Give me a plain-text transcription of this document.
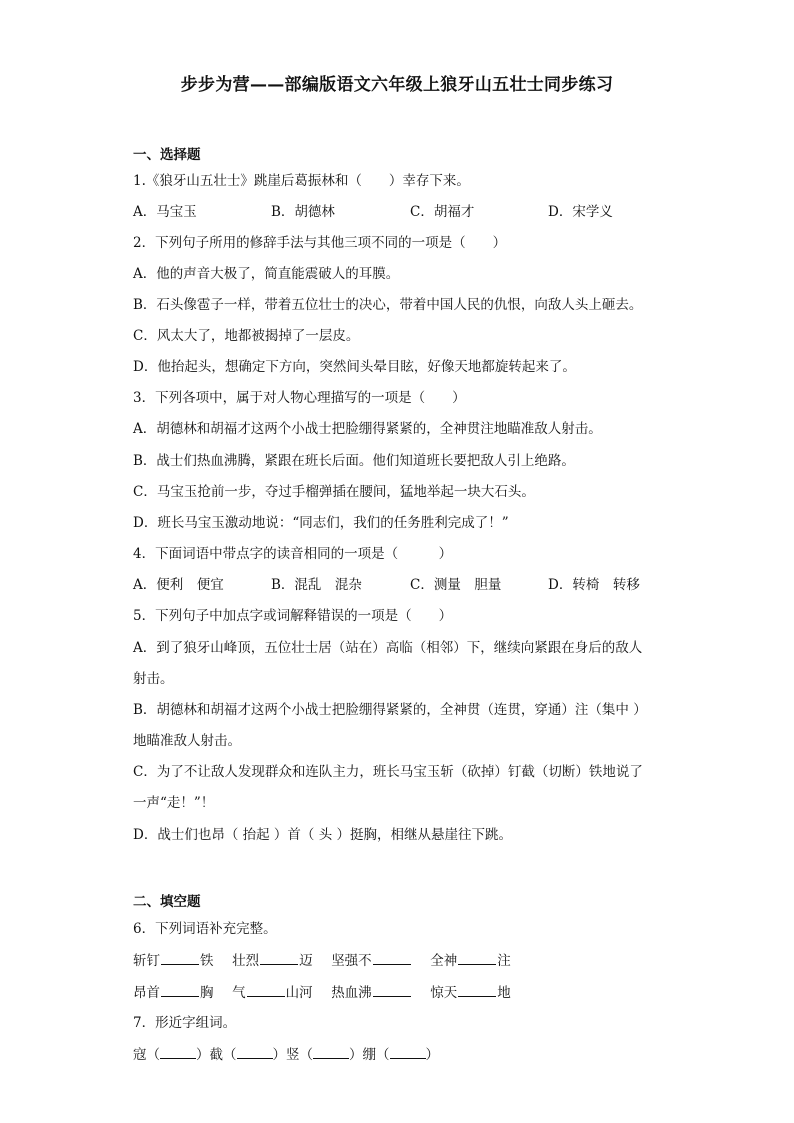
步步为营——部编版语文六年级上狼牙山五壮士同步练习
一、选择题
1.《狼牙山五壮士》跳崖后葛振林和（　　）幸存下来。
A．马宝玉	B．胡德林	C．胡福才	D．宋学义
2．下列句子所用的修辞手法与其他三项不同的一项是（　　）
A．他的声音大极了，简直能震破人的耳膜。
B．石头像雹子一样，带着五位壮士的决心，带着中国人民的仇恨，向敌人头上砸去。
C．风太大了，地都被揭掉了一层皮。
D．他抬起头，想确定下方向，突然间头晕目眩，好像天地都旋转起来了。
3．下列各项中，属于对人物心理描写的一项是（　　）
A．胡德林和胡福才这两个小战士把脸绷得紧紧的，全神贯注地瞄准敌人射击。
B．战士们热血沸腾，紧跟在班长后面。他们知道班长要把敌人引上绝路。
C．马宝玉抢前一步，夺过手榴弹插在腰间，猛地举起一块大石头。
D．班长马宝玉激动地说：“同志们，我们的任务胜利完成了！”
4．下面词语中带点字的读音相同的一项是（　　　）
A．便利　便宜	B．混乱　混杂	C．测量　胆量	D．转椅　转移
5．下列句子中加点字或词解释错误的一项是（　　）
A．到了狼牙山峰顶，五位壮士居（站在）高临（相邻）下，继续向紧跟在身后的敌人
射击。
B．胡德林和胡福才这两个小战士把脸绷得紧紧的，全神贯（连贯，穿通）注（集中 ）
地瞄准敌人射击。
C．为了不让敌人发现群众和连队主力，班长马宝玉斩（砍掉）钉截（切断）铁地说了
一声“走！”！
D．战士们也昂（ 抬起 ）首（ 头 ）挺胸，相继从悬崖往下跳。
二、填空题
6．下列词语补充完整。
斩钉	铁 壮烈	迈 坚强不	全神	注
昂首	胸 气	山河 热血沸	惊天	地
7．形近字组词。
寇（	）截（	）竖（	）绷（	）
